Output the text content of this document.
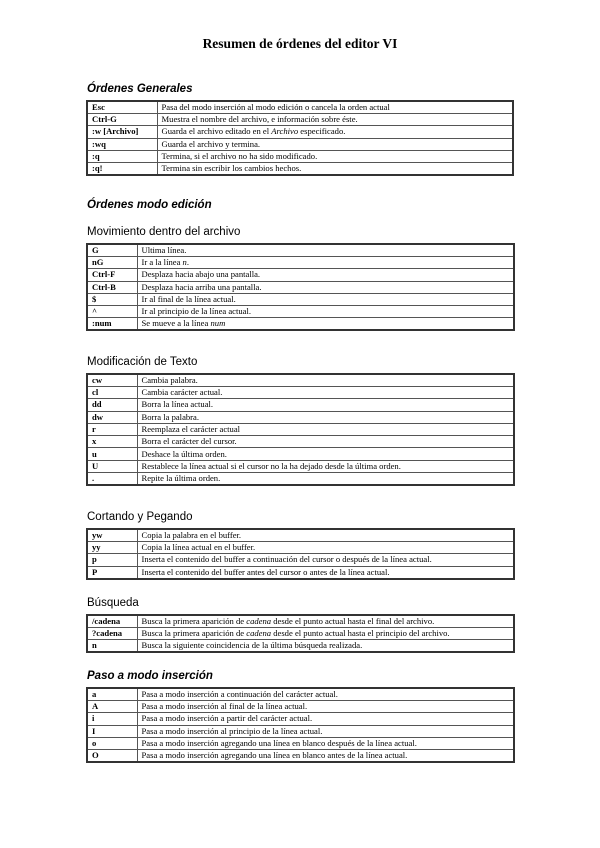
Resumen de órdenes del editor VI
Órdenes Generales
Esc	Pasa del modo inserción al modo edición o cancela la orden actual
Ctrl-G	Muestra el nombre del archivo, e información sobre éste.
:w [Archivo]	Guarda el archivo editado en el Archivo especificado.
:wq	Guarda el archivo y termina.
:q	Termina, si el archivo no ha sido modificado.
:q!	Termina sin escribir los cambios hechos.
Órdenes modo edición
Movimiento dentro del archivo
G	Ultima línea.
nG	Ir a la línea n.
Ctrl-F	Desplaza hacia abajo una pantalla.
Ctrl-B	Desplaza hacia arriba una pantalla.
$	Ir al final de la línea actual.
^	Ir al principio de la línea actual.
:num	Se mueve a la línea num
Modificación de Texto
cw	Cambia palabra.
cl	Cambia carácter actual.
dd	Borra la línea actual.
dw	Borra la palabra.
r	Reemplaza el carácter actual
x	Borra el carácter del cursor.
u	Deshace la última orden.
U	Restablece la línea actual si el cursor no la ha dejado desde la última orden.
.	Repite la última orden.
Cortando y Pegando
yw	Copia la palabra en el buffer.
yy	Copia la línea actual en el buffer.
p	Inserta el contenido del buffer a continuación del cursor o después de la línea actual.
P	Inserta el contenido del buffer antes del cursor o antes de la línea actual.
Búsqueda
/cadena	Busca la primera aparición de cadena desde el punto actual hasta el final del archivo.
?cadena	Busca la primera aparición de cadena desde el punto actual hasta el principio del archivo.
n	Busca la siguiente coincidencia de la última búsqueda realizada.
Paso a modo inserción
a	Pasa a modo inserción a continuación del carácter actual.
A	Pasa a modo inserción al final de la línea actual.
i	Pasa a modo inserción a partir del carácter actual.
I	Pasa a modo inserción al principio de la línea actual.
o	Pasa a modo inserción agregando una línea en blanco después de la línea actual.
O	Pasa a modo inserción agregando una línea en blanco antes de la línea actual.
